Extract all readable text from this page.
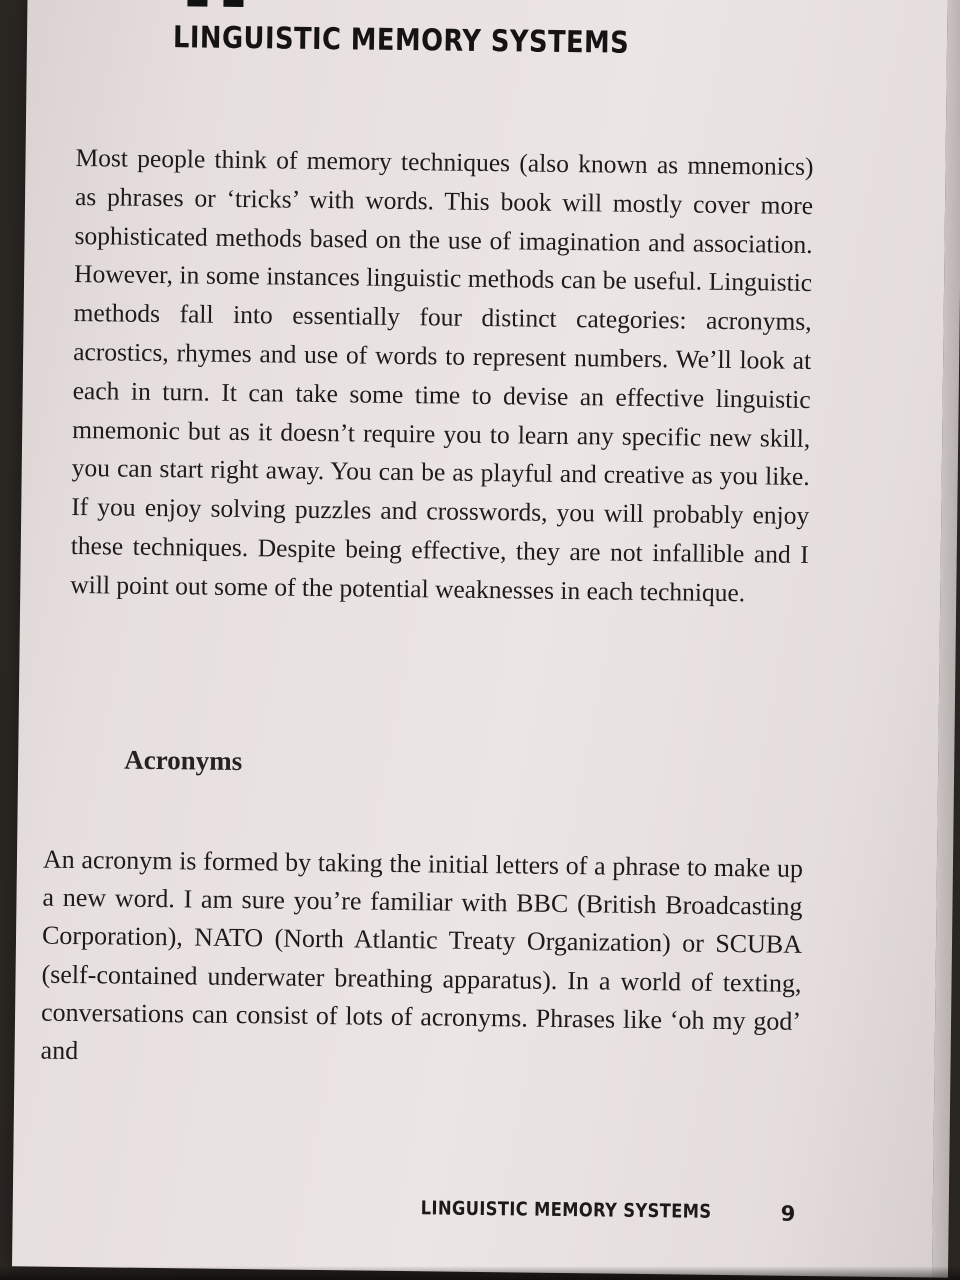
LINGUISTIC MEMORY SYSTEMS

Most people think of memory techniques (also known as mnemonics) as phrases or ‘tricks’ with words. This book will mostly cover more sophisticated methods based on the use of imagination and association. However, in some instances linguistic methods can be useful. Linguistic methods fall into essentially four distinct categories: acronyms, acrostics, rhymes and use of words to represent numbers. We’ll look at each in turn. It can take some time to devise an effective linguistic mnemonic but as it doesn’t require you to learn any specific new skill, you can start right away. You can be as playful and creative as you like. If you enjoy solving puzzles and crosswords, you will probably enjoy these techniques. Despite being effective, they are not infallible and I will point out some of the potential weaknesses in each technique.

Acronyms

An acronym is formed by taking the initial letters of a phrase to make up a new word. I am sure you’re familiar with BBC (British Broadcasting Corporation), NATO (North Atlantic Treaty Organization) or SCUBA (self-contained underwater breathing apparatus). In a world of texting, conversations can consist of lots of acronyms. Phrases like ‘oh my god’ and

LINGUISTIC MEMORY SYSTEMS	9
